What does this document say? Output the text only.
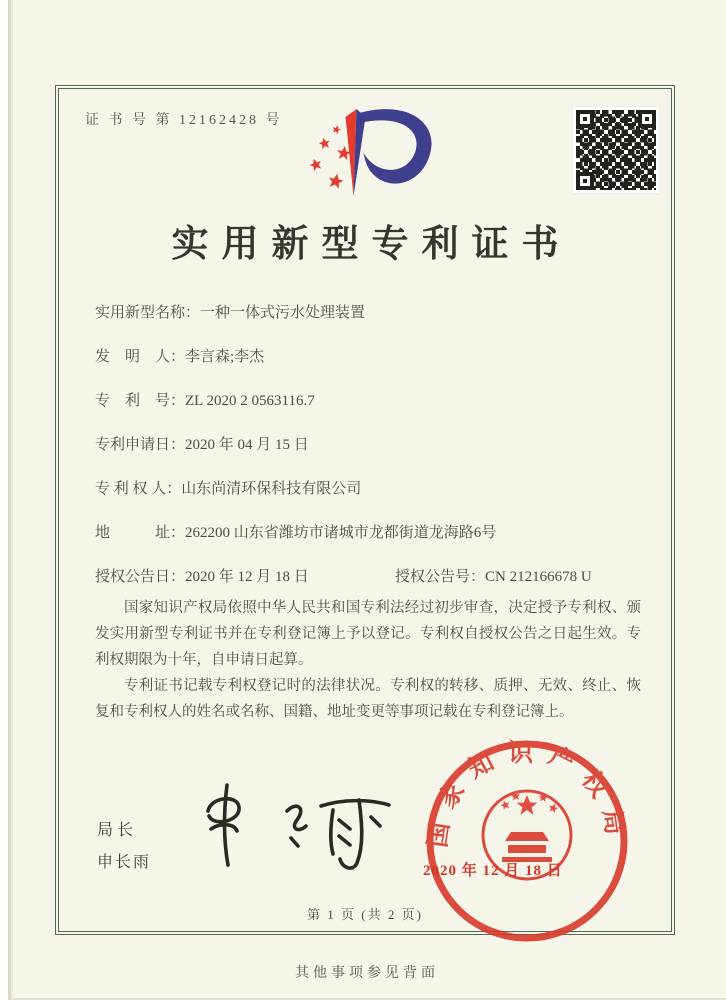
证 书 号 第 12162428 号
实用新型专利证书
实用新型名称： 一种一体式污水处理装置
发　明　人： 李言森;李杰
专　利　号： ZL 2020 2 0563116.7
专利申请日： 2020 年 04 月 15 日
专 利 权 人： 山东尚清环保科技有限公司
地　　　址： 262200 山东省潍坊市诸城市龙都街道龙海路6号
授权公告日： 2020 年 12 月 18 日	授权公告号： CN 212166678 U

国家知识产权局依照中华人民共和国专利法经过初步审查，决定授予专利权、颁发实用新型专利证书并在专利登记簿上予以登记。专利权自授权公告之日起生效。专利权期限为十年，自申请日起算。

专利证书记载专利权登记时的法律状况。专利权的转移、质押、无效、终止、恢复和专利权人的姓名或名称、国籍、地址变更等事项记载在专利登记簿上。

局长
申长雨
国家知识产权局
2020 年 12 月 18 日
第 1 页 (共 2 页)
其他事项参见背面
